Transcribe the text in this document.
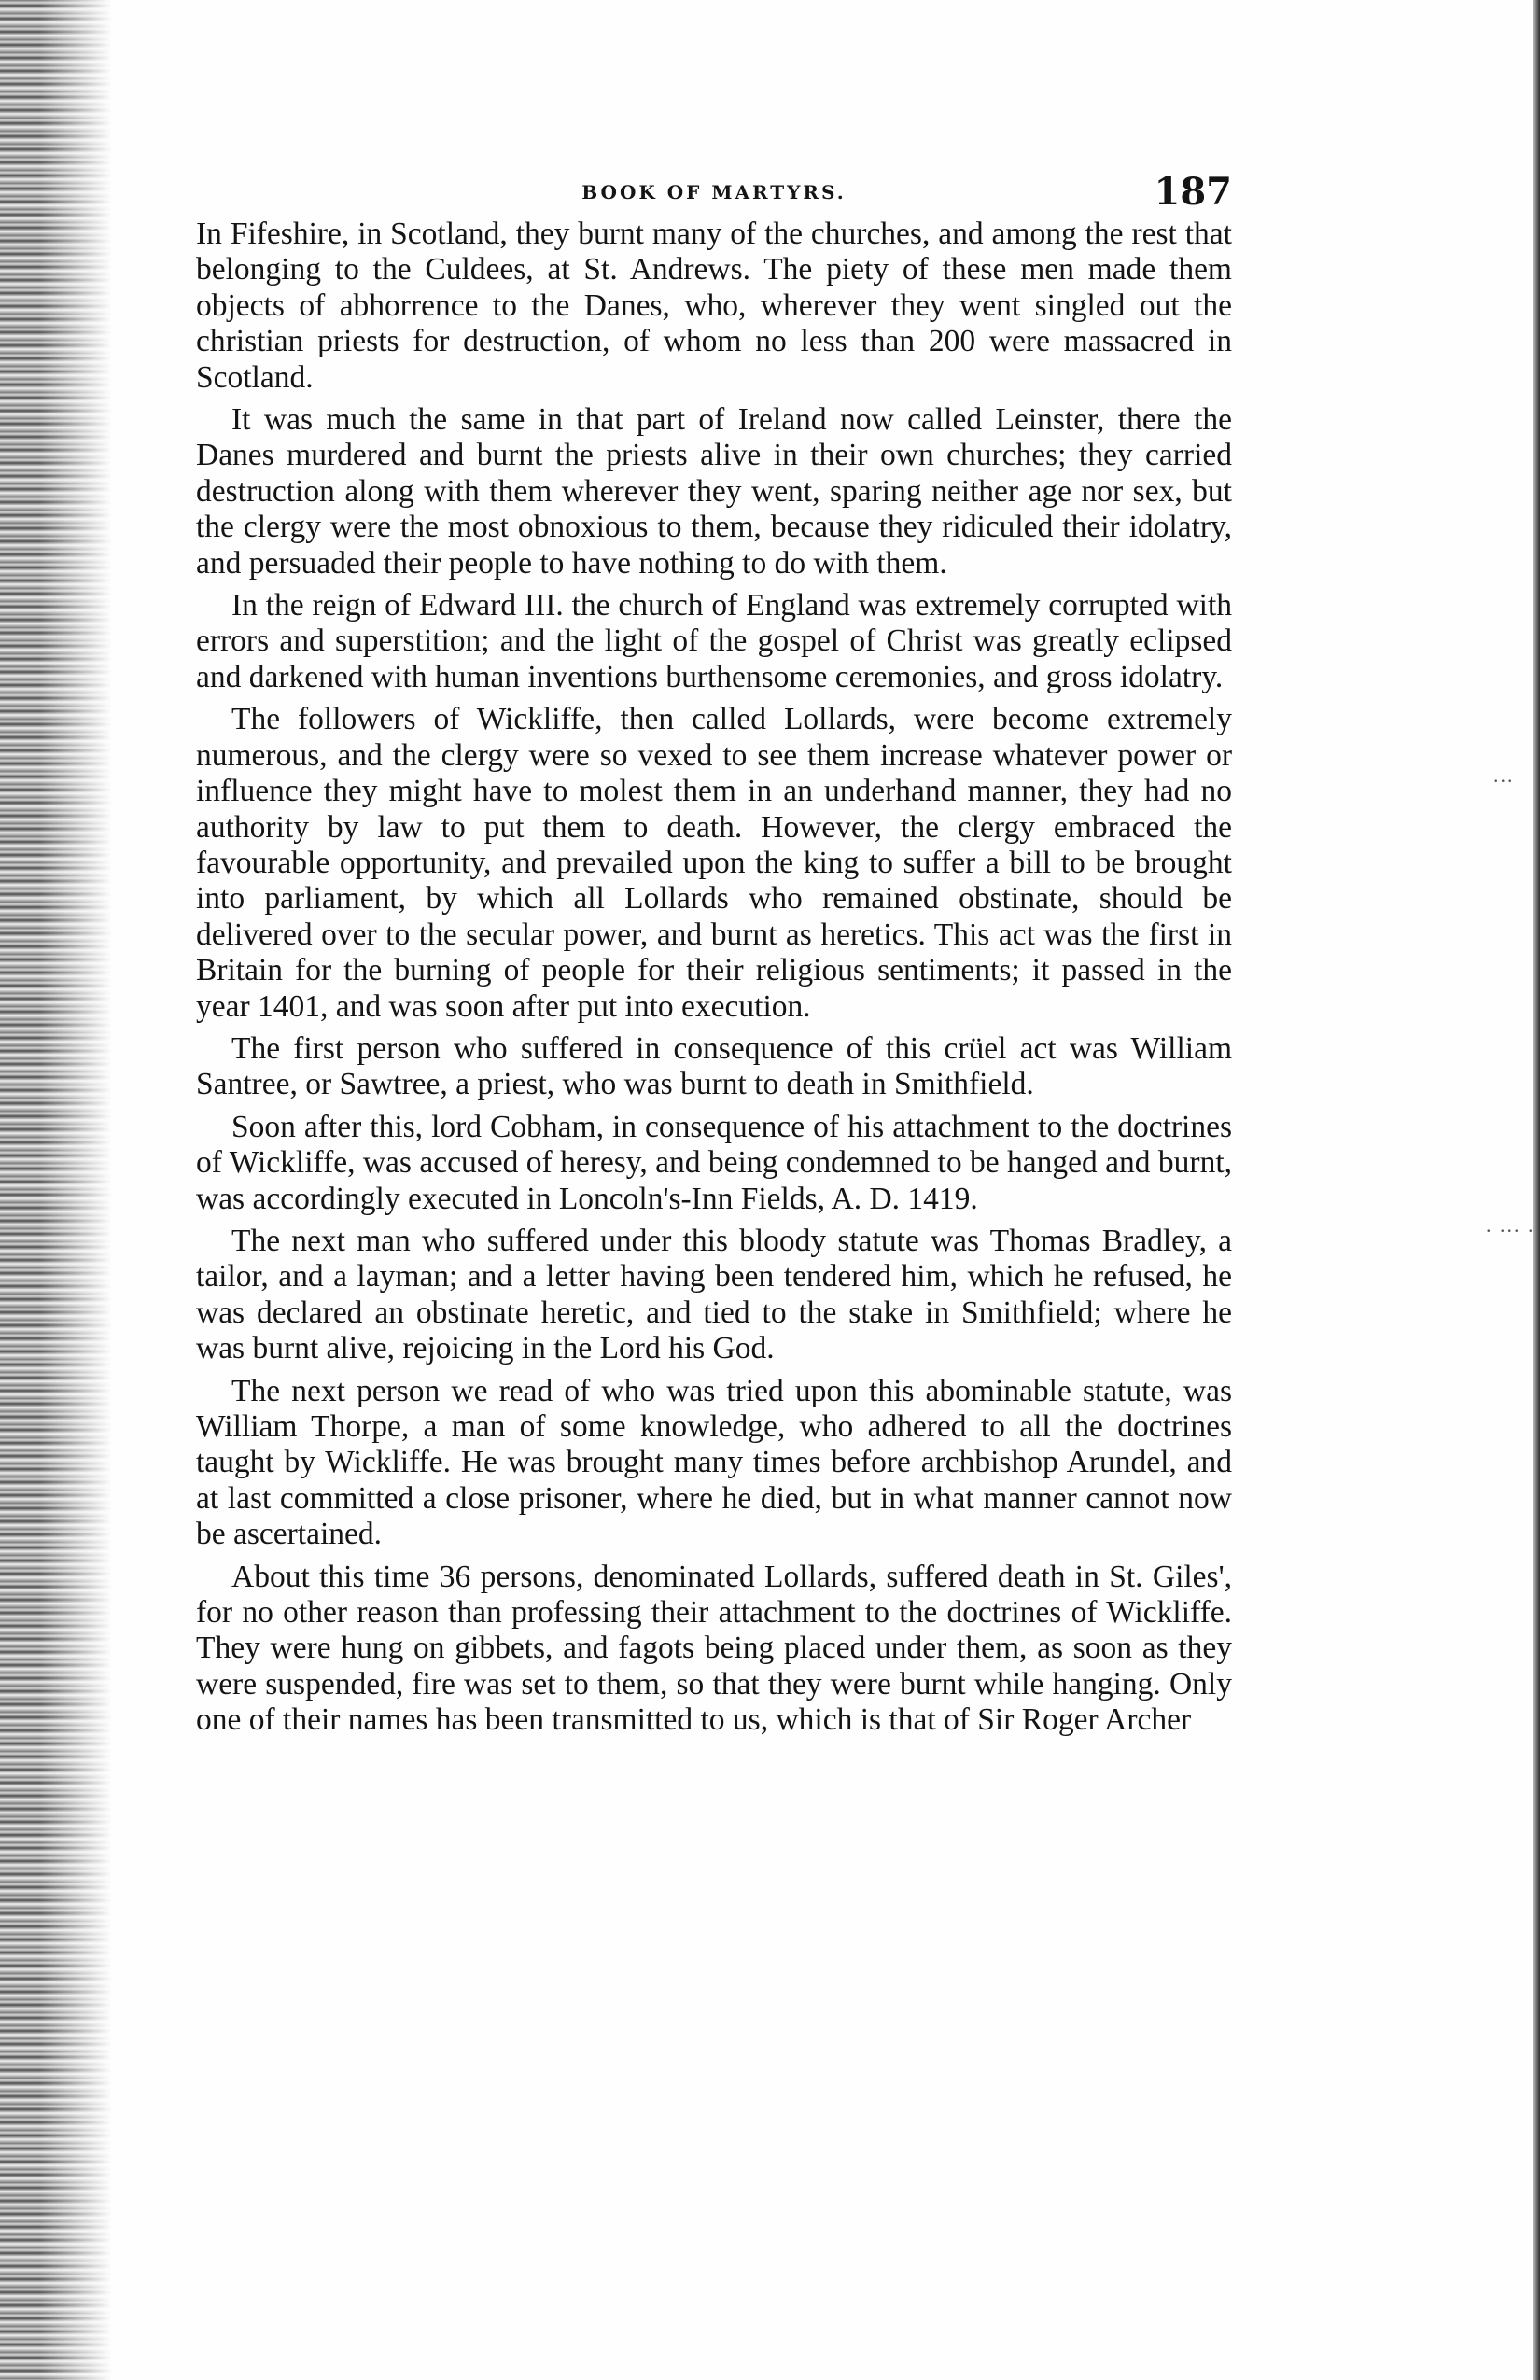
...
. ... .
BOOK OF MARTYRS.	187

In Fifeshire, in Scotland, they burnt many of the churches, and among the rest that belonging to the Culdees, at St. Andrews. The piety of these men made them objects of abhorrence to the Danes, who, wherever they went singled out the christian priests for destruction, of whom no less than 200 were massacred in Scotland.

It was much the same in that part of Ireland now called Leinster, there the Danes murdered and burnt the priests alive in their own churches; they carried destruction along with them wherever they went, sparing neither age nor sex, but the clergy were the most obnoxious to them, because they ridiculed their idolatry, and persuaded their people to have nothing to do with them.

In the reign of Edward III. the church of England was extremely corrupted with errors and superstition; and the light of the gospel of Christ was greatly eclipsed and darkened with human inventions burthensome ceremonies, and gross idolatry.

The followers of Wickliffe, then called Lollards, were become extremely numerous, and the clergy were so vexed to see them increase whatever power or influence they might have to molest them in an underhand manner, they had no authority by law to put them to death. However, the clergy embraced the favourable opportunity, and prevailed upon the king to suffer a bill to be brought into parliament, by which all Lollards who remained obstinate, should be delivered over to the secular power, and burnt as heretics. This act was the first in Britain for the burning of people for their religious sentiments; it passed in the year 1401, and was soon after put into execution.

The first person who suffered in consequence of this crüel act was William Santree, or Sawtree, a priest, who was burnt to death in Smithfield.

Soon after this, lord Cobham, in consequence of his attachment to the doctrines of Wickliffe, was accused of heresy, and being condemned to be hanged and burnt, was accordingly executed in Loncoln's-Inn Fields, A. D. 1419.

The next man who suffered under this bloody statute was Thomas Bradley, a tailor, and a layman; and a letter having been tendered him, which he refused, he was declared an obstinate heretic, and tied to the stake in Smithfield; where he was burnt alive, rejoicing in the Lord his God.

The next person we read of who was tried upon this abominable statute, was William Thorpe, a man of some knowledge, who adhered to all the doctrines taught by Wickliffe. He was brought many times before archbishop Arundel, and at last committed a close prisoner, where he died, but in what manner cannot now be ascertained.

About this time 36 persons, denominated Lollards, suffered death in St. Giles', for no other reason than professing their attachment to the doctrines of Wickliffe. They were hung on gibbets, and fagots being placed under them, as soon as they were suspended, fire was set to them, so that they were burnt while hanging. Only one of their names has been transmitted to us, which is that of Sir Roger Archer
